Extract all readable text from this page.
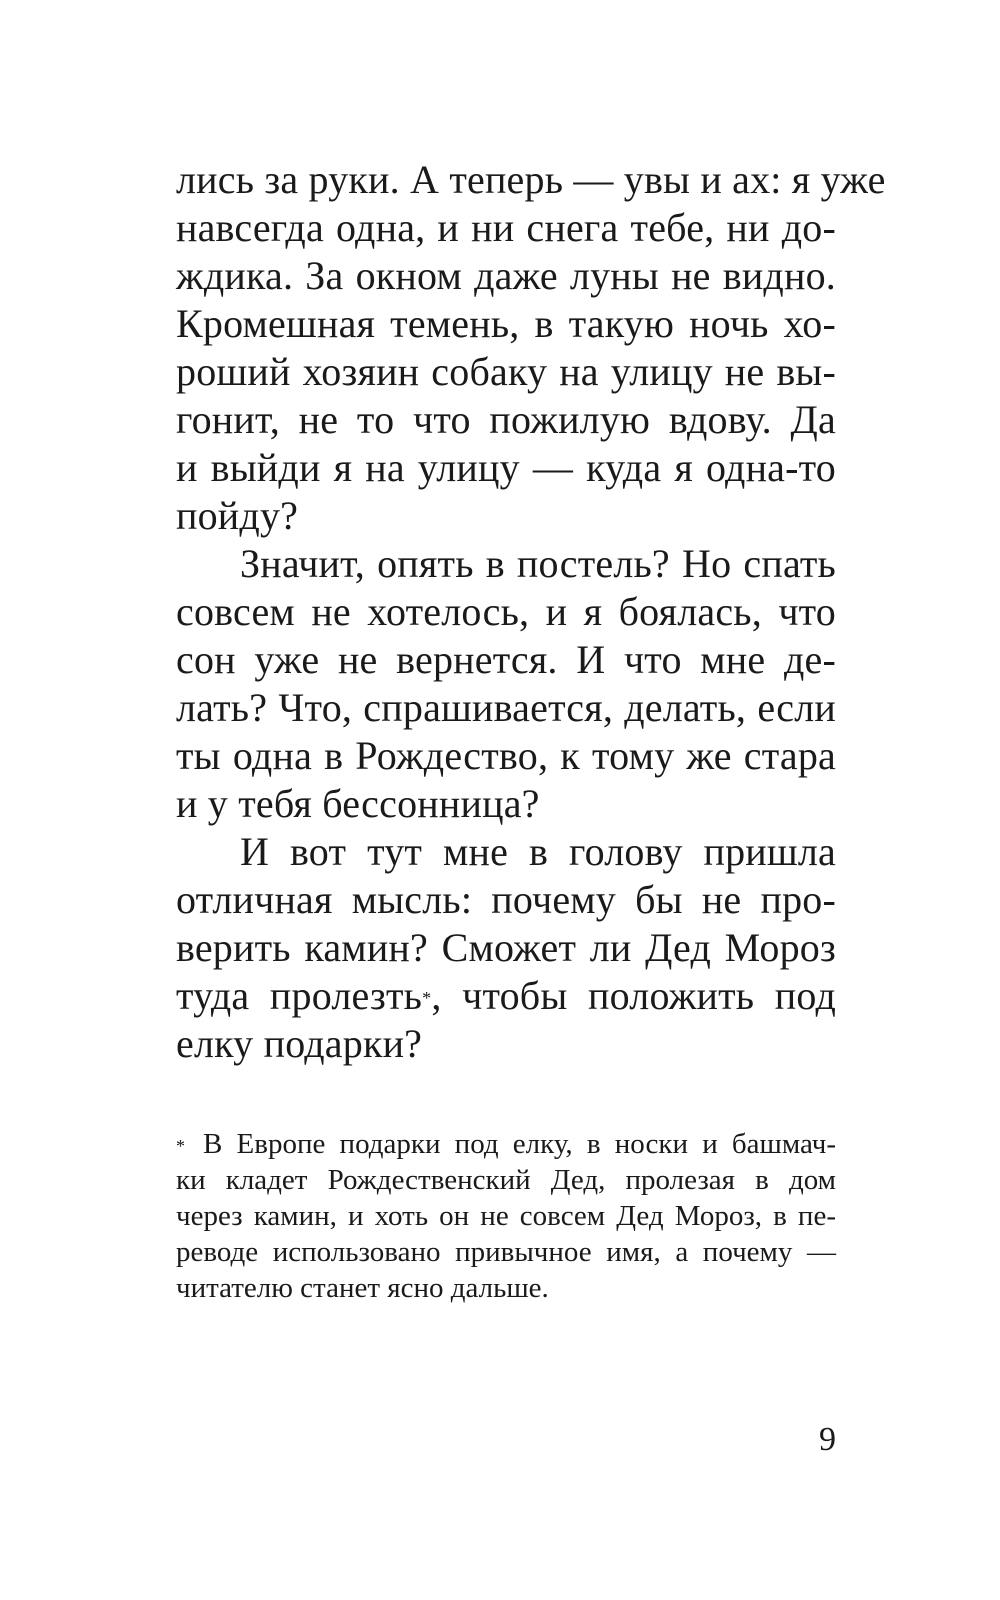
лись за руки. А теперь — увы и ах: я уже
навсегда одна, и ни снега тебе, ни до-
ждика. За окном даже луны не видно.
Кромешная темень, в такую ночь хо-
роший хозяин собаку на улицу не вы-
гонит, не то что пожилую вдову. Да
и выйди я на улицу — куда я одна-то
пойду?
Значит, опять в постель? Но спать
совсем не хотелось, и я боялась, что
сон уже не вернется. И что мне де-
лать? Что, спрашивается, делать, если
ты одна в Рождество, к тому же стара
и у тебя бессонница?
И вот тут мне в голову пришла
отличная мысль: почему бы не про-
верить камин? Сможет ли Дед Мороз
туда пролезть*, чтобы положить под
елку подарки?
* В Европе подарки под елку, в носки и башмач-
ки кладет Рождественский Дед, пролезая в дом
через камин, и хоть он не совсем Дед Мороз, в пе-
реводе использовано привычное имя, а почему —
читателю станет ясно дальше.
9
